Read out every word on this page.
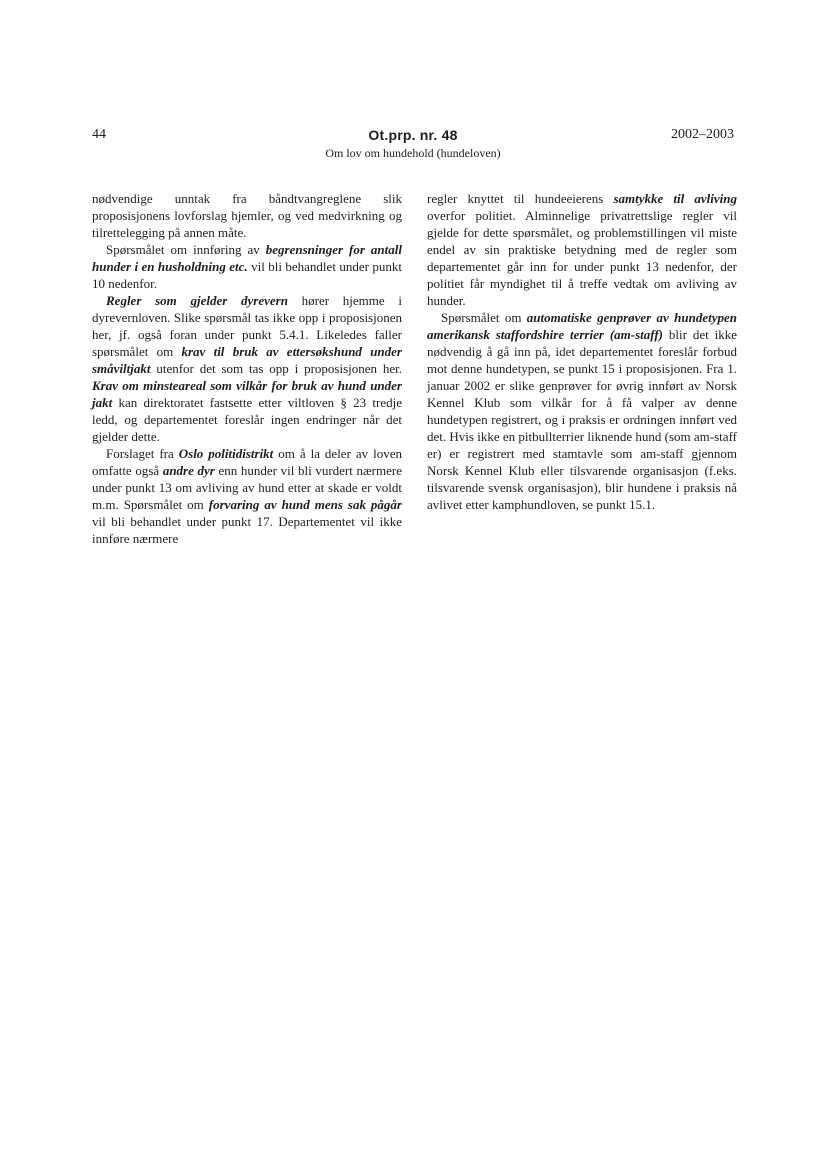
44	Ot.prp. nr. 48
Om lov om hundehold (hundeloven)
2002–2003

nødvendige unntak fra båndtvangreglene slik proposisjonens lovforslag hjemler, og ved medvirkning og tilrettelegging på annen måte.

Spørsmålet om innføring av begrensninger for antall hunder i en husholdning etc. vil bli behandlet under punkt 10 nedenfor.

Regler som gjelder dyrevern hører hjemme i dyrevernloven. Slike spørsmål tas ikke opp i proposisjonen her, jf. også foran under punkt 5.4.1. Likeledes faller spørsmålet om krav til bruk av ettersøkshund under småviltjakt utenfor det som tas opp i proposisjonen her. Krav om minsteareal som vilkår for bruk av hund under jakt kan direktoratet fastsette etter viltloven § 23 tredje ledd, og departementet foreslår ingen endringer når det gjelder dette.

Forslaget fra Oslo politidistrikt om å la deler av loven omfatte også andre dyr enn hunder vil bli vurdert nærmere under punkt 13 om avliving av hund etter at skade er voldt m.m. Spørsmålet om forvaring av hund mens sak pågår vil bli behandlet under punkt 17. Departementet vil ikke innføre nærmere

regler knyttet til hundeeierens samtykke til avliving overfor politiet. Alminnelige privatrettslige regler vil gjelde for dette spørsmålet, og problemstillingen vil miste endel av sin praktiske betydning med de regler som departementet går inn for under punkt 13 nedenfor, der politiet får myndighet til å treffe vedtak om avliving av hunder.

Spørsmålet om automatiske genprøver av hundetypen amerikansk staffordshire terrier (am-staff) blir det ikke nødvendig å gå inn på, idet departementet foreslår forbud mot denne hundetypen, se punkt 15 i proposisjonen. Fra 1. januar 2002 er slike genprøver for øvrig innført av Norsk Kennel Klub som vilkår for å få valper av denne hundetypen registrert, og i praksis er ordningen innført ved det. Hvis ikke en pitbullterrier liknende hund (som am-staff er) er registrert med stamtavle som am-staff gjennom Norsk Kennel Klub eller tilsvarende organisasjon (f.eks. tilsvarende svensk organisasjon), blir hundene i praksis nå avlivet etter kamphundloven, se punkt 15.1.
